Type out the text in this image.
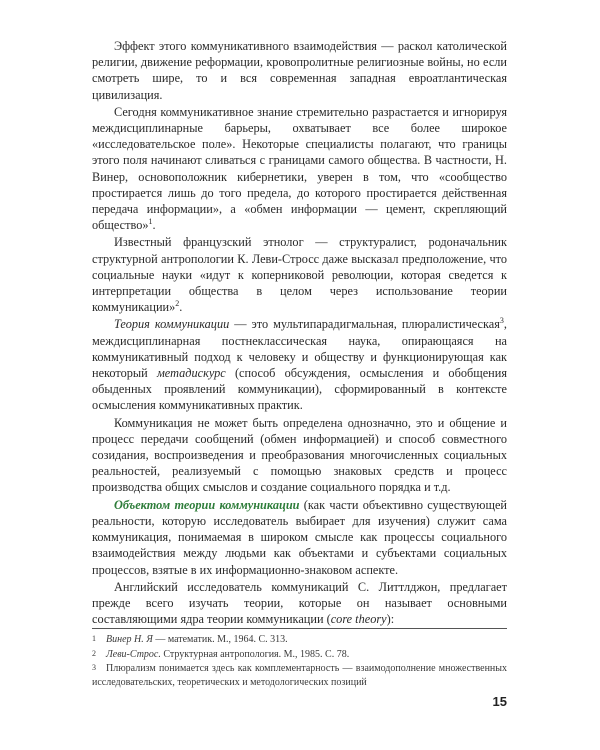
Эффект этого коммуникативного взаимодействия — раскол католической религии, движение реформации, кровопролитные религиозные войны, но если смотреть шире, то и вся современная западная евроатлантическая цивилизация.

Сегодня коммуникативное знание стремительно разрастается и игнорируя междисциплинарные барьеры, охватывает все более широкое «исследовательское поле». Некоторые специалисты полагают, что границы этого поля начинают сливаться с границами самого общества. В частности, Н. Винер, основоположник кибернетики, уверен в том, что «сообщество простирается лишь до того предела, до которого простирается действенная передача информации», а «обмен информации — цемент, скрепляющий общество»$^1$.

Известный французский этнолог — структуралист, родоначальник структурной антропологии К. Леви-Стросс даже высказал предположение, что социальные науки «идут к коперниковой революции, которая сведется к интерпретации общества в целом через использование теории коммуникации»$^2$.

Теория коммуникации — это мультипарадигмальная, плюралистическая$^3$, междисциплинарная постнеклассическая наука, опирающаяся на коммуникативный подход к человеку и обществу и функционирующая как некоторый метадискурс (способ обсуждения, осмысления и обобщения обыденных проявлений коммуникации), сформированный в контексте осмысления коммуникативных практик.

Коммуникация не может быть определена однозначно, это и общение и процесс передачи сообщений (обмен информацией) и способ совместного созидания, воспроизведения и преобразования многочисленных социальных реальностей, реализуемый с помощью знаковых средств и процесс производства общих смыслов и создание социального порядка и т.д.

Объектом теории коммуникации (как части объективно существующей реальности, которую исследователь выбирает для изучения) служит сама коммуникация, понимаемая в широком смысле как процессы социального взаимодействия между людьми как объектами и субъектами социальных процессов, взятые в их информационно-знаковом аспекте.

Английский исследователь коммуникаций С. Литтлджон, предлагает прежде всего изучать теории, которые он называет основными составляющими ядра теории коммуникации (core theory):

1 Винер Н. Я — математик. М., 1964. С. 313.
2 Леви-Строс. Структурная антропология. М., 1985. С. 78.
3 Плюрализм понимается здесь как комплементарность — взаимодополнение множественных исследовательских, теоретических и методологических позиций
15
